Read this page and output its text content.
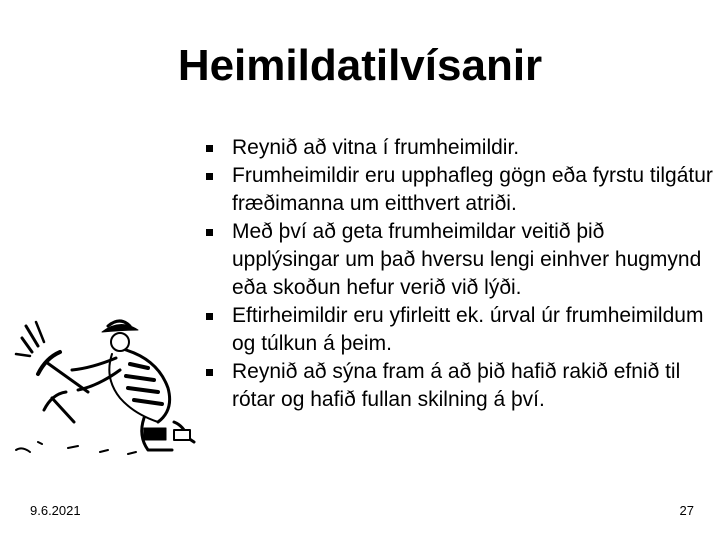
Heimildatilvísanir
Reynið að vitna í frumheimildir.
Frumheimildir eru upphafleg gögn eða fyrstu tilgátur fræðimanna um eitthvert atriði.
Með því að geta frumheimildar veitið þið upplýsingar um það hversu lengi einhver hugmynd eða skoðun hefur verið við lýði.
Eftirheimildir eru yfirleitt ek. úrval úr frumheimildum og túlkun á þeim.
Reynið að sýna fram á að þið hafið rakið efnið til rótar og hafið fullan skilning á því.
9.6.2021	27
